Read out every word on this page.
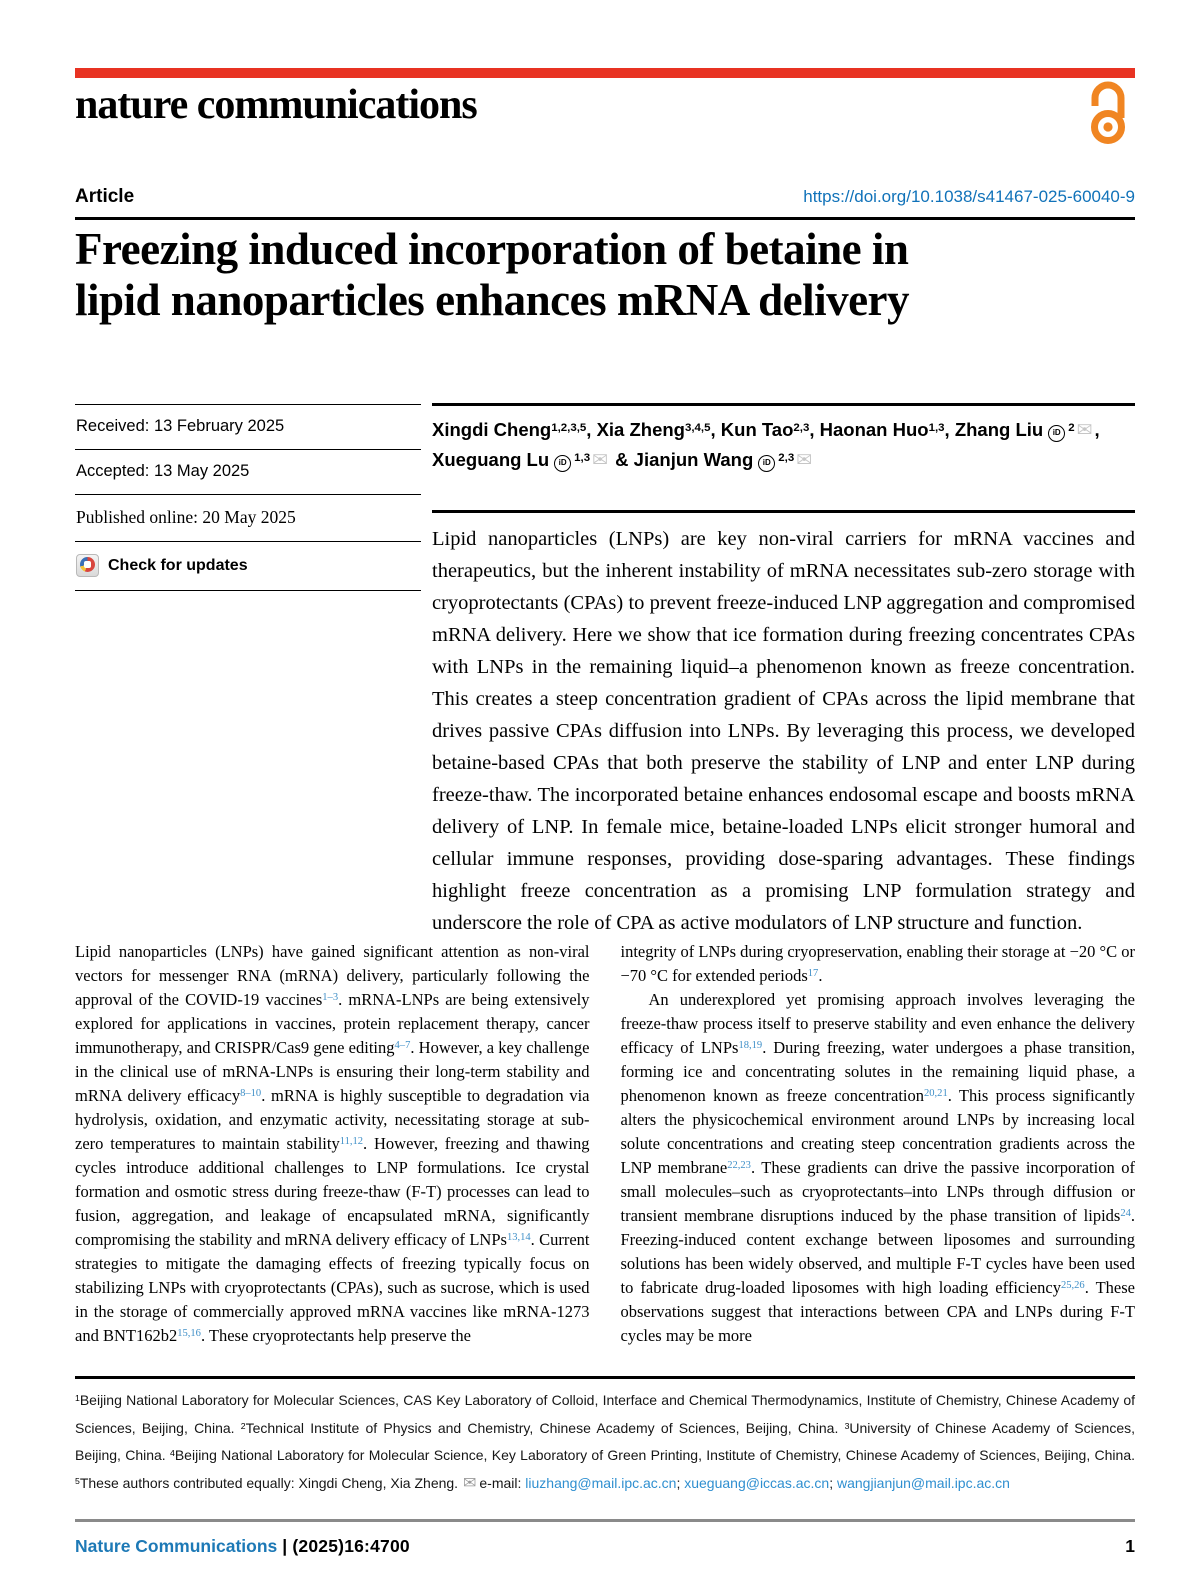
nature communications
Article	https://doi.org/10.1038/s41467-025-60040-9
Freezing induced incorporation of betaine in
lipid nanoparticles enhances mRNA delivery
Received: 13 February 2025
Accepted: 13 May 2025
Published online: 20 May 2025
Check for updates

Xingdi Cheng$^{1,2,3,5}$, Xia Zheng$^{3,4,5}$, Kun Tao$^{2,3}$, Haonan Huo$^{1,3}$, Zhang Liu iD $^2$ ✉ , Xueguang Lu iD $^{1,3}$ ✉ & Jianjun Wang iD $^{2,3}$ ✉

Lipid nanoparticles (LNPs) are key non-viral carriers for mRNA vaccines and therapeutics, but the inherent instability of mRNA necessitates sub-zero storage with cryoprotectants (CPAs) to prevent freeze-induced LNP aggregation and compromised mRNA delivery. Here we show that ice formation during freezing concentrates CPAs with LNPs in the remaining liquid–a phenomenon known as freeze concentration. This creates a steep concentration gradient of CPAs across the lipid membrane that drives passive CPAs diffusion into LNPs. By leveraging this process, we developed betaine-based CPAs that both preserve the stability of LNP and enter LNP during freeze-thaw. The incorporated betaine enhances endosomal escape and boosts mRNA delivery of LNP. In female mice, betaine-loaded LNPs elicit stronger humoral and cellular immune responses, providing dose-sparing advantages. These findings highlight freeze concentration as a promising LNP formulation strategy and underscore the role of CPA as active modulators of LNP structure and function.

Lipid nanoparticles (LNPs) have gained significant attention as non-viral vectors for messenger RNA (mRNA) delivery, particularly following the approval of the COVID-19 vaccines$^{1-3}$. mRNA-LNPs are being extensively explored for applications in vaccines, protein replacement therapy, cancer immunotherapy, and CRISPR/Cas9 gene editing$^{4-7}$. However, a key challenge in the clinical use of mRNA-LNPs is ensuring their long-term stability and mRNA delivery efficacy$^{8-10}$. mRNA is highly susceptible to degradation via hydrolysis, oxidation, and enzymatic activity, necessitating storage at sub-zero temperatures to maintain stability$^{11,12}$. However, freezing and thawing cycles introduce additional challenges to LNP formulations. Ice crystal formation and osmotic stress during freeze-thaw (F-T) processes can lead to fusion, aggregation, and leakage of encapsulated mRNA, significantly compromising the stability and mRNA delivery efficacy of LNPs$^{13,14}$. Current strategies to mitigate the damaging effects of freezing typically focus on stabilizing LNPs with cryoprotectants (CPAs), such as sucrose, which is used in the storage of commercially approved mRNA vaccines like mRNA-1273 and BNT162b2$^{15,16}$. These cryoprotectants help preserve the

integrity of LNPs during cryopreservation, enabling their storage at −20 °C or −70 °C for extended periods$^{17}$.

An underexplored yet promising approach involves leveraging the freeze-thaw process itself to preserve stability and even enhance the delivery efficacy of LNPs$^{18,19}$. During freezing, water undergoes a phase transition, forming ice and concentrating solutes in the remaining liquid phase, a phenomenon known as freeze concentration$^{20,21}$. This process significantly alters the physicochemical environment around LNPs by increasing local solute concentrations and creating steep concentration gradients across the LNP membrane$^{22,23}$. These gradients can drive the passive incorporation of small molecules–such as cryoprotectants–into LNPs through diffusion or transient membrane disruptions induced by the phase transition of lipids$^{24}$. Freezing-induced content exchange between liposomes and surrounding solutions has been widely observed, and multiple F-T cycles have been used to fabricate drug-loaded liposomes with high loading efficiency$^{25,26}$. These observations suggest that interactions between CPA and LNPs during F-T cycles may be more

$^1$Beijing National Laboratory for Molecular Sciences, CAS Key Laboratory of Colloid, Interface and Chemical Thermodynamics, Institute of Chemistry, Chinese Academy of Sciences, Beijing, China. $^2$Technical Institute of Physics and Chemistry, Chinese Academy of Sciences, Beijing, China. $^3$University of Chinese Academy of Sciences, Beijing, China. $^4$Beijing National Laboratory for Molecular Science, Key Laboratory of Green Printing, Institute of Chemistry, Chinese Academy of Sciences, Beijing, China. $^5$These authors contributed equally: Xingdi Cheng, Xia Zheng. ✉ e-mail: liuzhang@mail.ipc.ac.cn; xueguang@iccas.ac.cn; wangjianjun@mail.ipc.ac.cn

Nature Communications | (2025)16:4700	1
